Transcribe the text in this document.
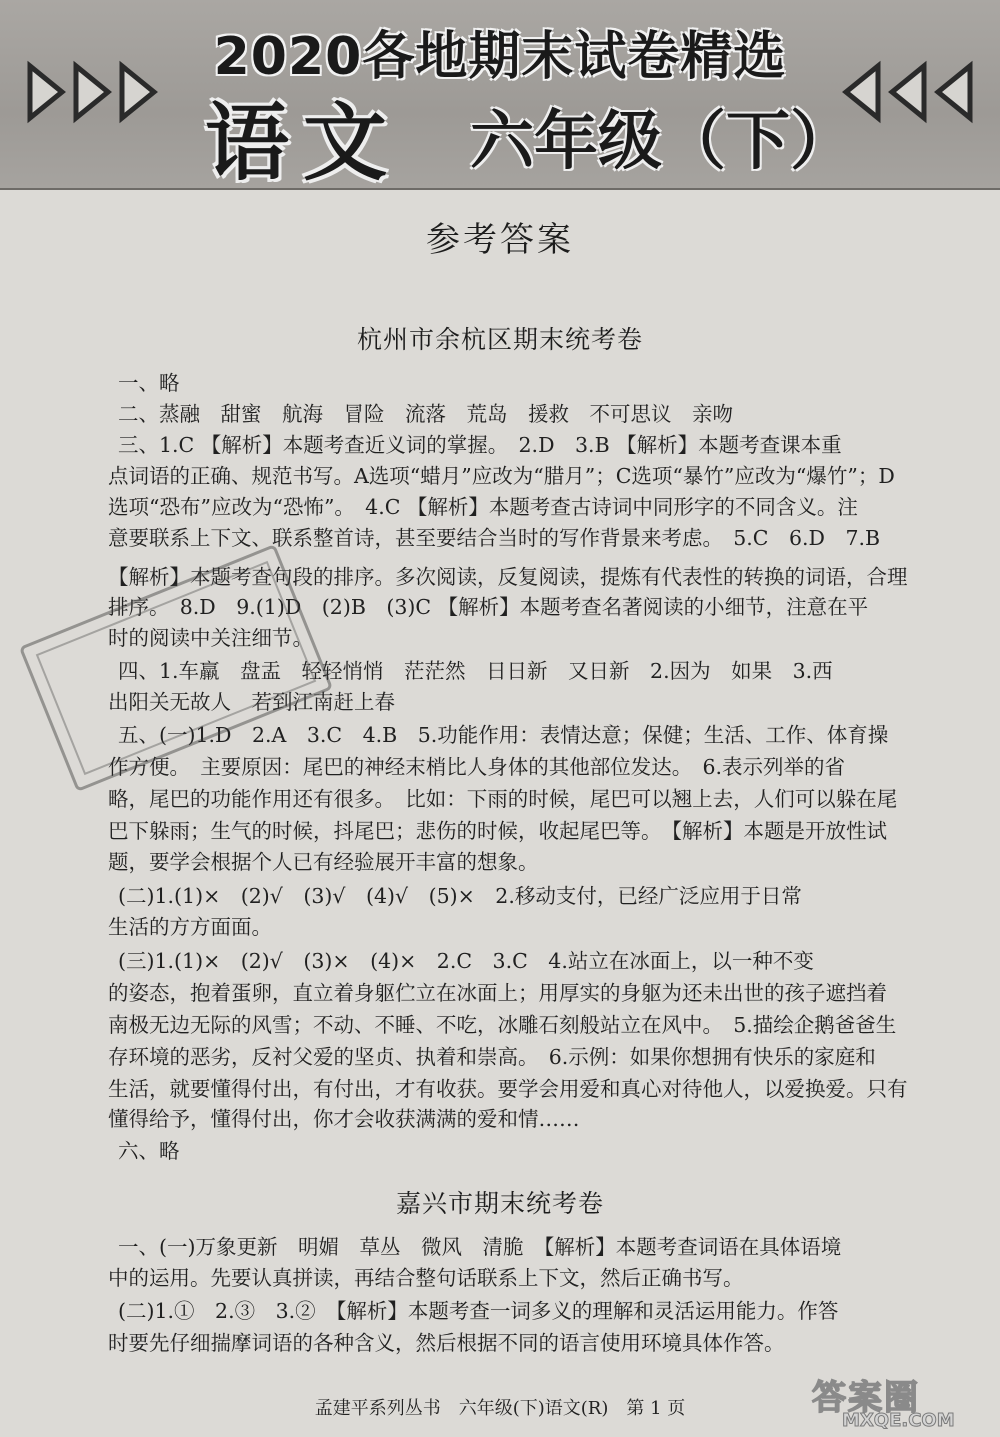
2020各地期末试卷精选
语文 六年级（下）
参考答案
杭州市余杭区期末统考卷
一、略
二、蒸融　甜蜜　航海　冒险　流落　荒岛　援救　不可思议　亲吻
三、1.C 【解析】本题考查近义词的掌握。　2.D　3.B 【解析】本题考查课本重
点词语的正确、规范书写。A选项“蜡月”应改为“腊月”；C选项“暴竹”应改为“爆竹”；D
选项“恐布”应改为“恐怖”。　4.C 【解析】本题考查古诗词中同形字的不同含义。注
意要联系上下文、联系整首诗，甚至要结合当时的写作背景来考虑。　5.C　6.D　7.B
【解析】本题考查句段的排序。多次阅读，反复阅读，提炼有代表性的转换的词语，合理
排序。　8.D　9.(1)D　(2)B　(3)C 【解析】本题考查名著阅读的小细节，注意在平
时的阅读中关注细节。
四、1.车羸　盘盂　轻轻悄悄　茫茫然　日日新　又日新　2.因为　如果　3.西
出阳关无故人　若到江南赶上春
五、(一)1.D　2.A　3.C　4.B　5.功能作用：表情达意；保健；生活、工作、体育操
作方便。　主要原因：尾巴的神经末梢比人身体的其他部位发达。　6.表示列举的省
略，尾巴的功能作用还有很多。　比如：下雨的时候，尾巴可以翘上去，人们可以躲在尾
巴下躲雨；生气的时候，抖尾巴；悲伤的时候，收起尾巴等。　【解析】本题是开放性试
题，要学会根据个人已有经验展开丰富的想象。
(二)1.(1)×　(2)√　(3)√　(4)√　(5)×　2.移动支付，已经广泛应用于日常
生活的方方面面。
(三)1.(1)×　(2)√　(3)×　(4)×　2.C　3.C　4.站立在冰面上，以一种不变
的姿态，抱着蛋卵，直立着身躯伫立在冰面上；用厚实的身躯为还未出世的孩子遮挡着
南极无边无际的风雪；不动、不睡、不吃，冰雕石刻般站立在风中。　5.描绘企鹅爸爸生
存环境的恶劣，反衬父爱的坚贞、执着和崇高。　6.示例：如果你想拥有快乐的家庭和
生活，就要懂得付出，有付出，才有收获。要学会用爱和真心对待他人，以爱换爱。只有
懂得给予，懂得付出，你才会收获满满的爱和情……
六、略
嘉兴市期末统考卷
一、(一)万象更新　明媚　草丛　微风　清脆　【解析】本题考查词语在具体语境
中的运用。先要认真拼读，再结合整句话联系上下文，然后正确书写。
(二)1.①　2.③　3.②　【解析】本题考查一词多义的理解和灵活运用能力。作答
时要先仔细揣摩词语的各种含义，然后根据不同的语言使用环境具体作答。
孟建平系列丛书　六年级(下)语文(R)　第 1 页	答案圈
MXQE.COM
